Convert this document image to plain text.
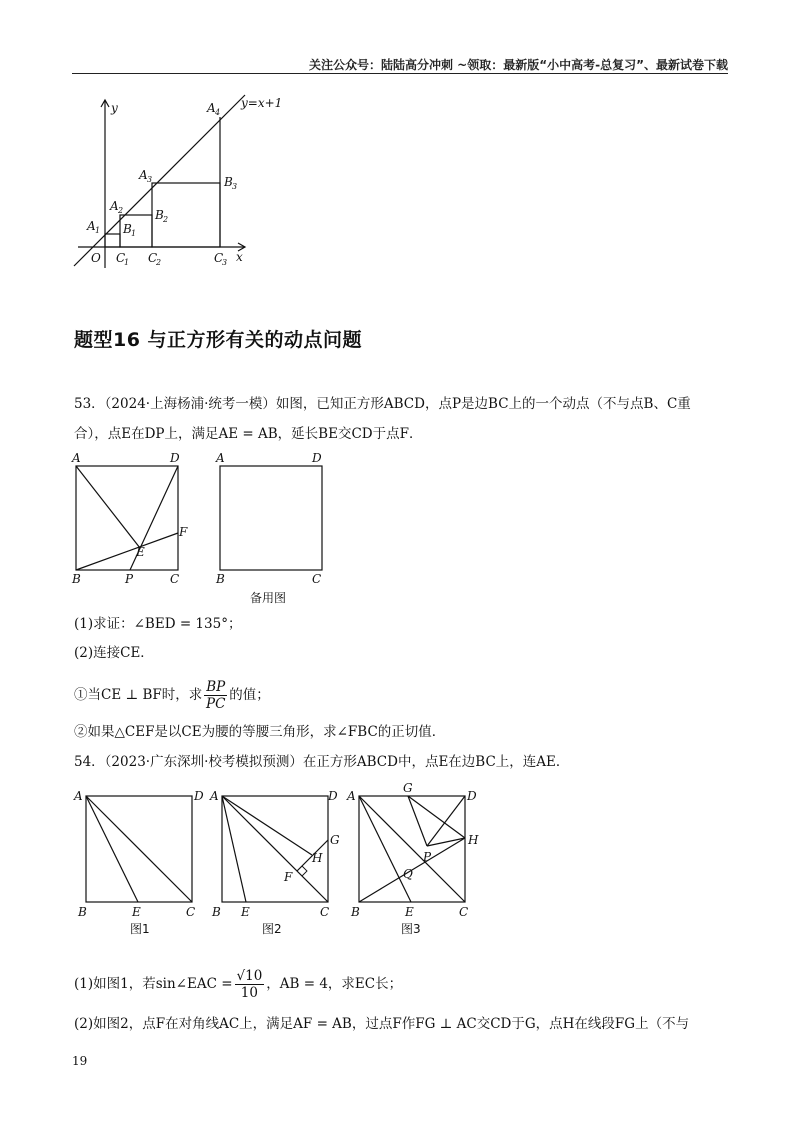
关注公众号：陆陆高分冲刺 ~领取：最新版“小中高考-总复习”、最新试卷下载
y
x
O
y=x+1
A 1
A 2
A 3
A 4
B 1
B 2
B 3
C
1 C
2	C
3
题型16 与正方形有关的动点问题
53．（2024·上海杨浦·统考一模）如图，已知正方形ABCD，点P是边BC上的一个动点（不与点B、C重
合），点E在DP上，满足AE = AB，延长BE交CD于点F．
A	D
B	C
P
E
F
A	D
B	C
备用图
(1)求证：∠BED = 135°；
(2)连接CE．
①当CE ⊥ BF时，求 $\frac{BP}{PC}$ 的值；
②如果△CEF是以CE为腰的等腰三角形，求∠FBC的正切值．
54．（2023·广东深圳·校考模拟预测）在正方形ABCD中，点E在边BC上，连AE．
A	D
B	E	C
图1
A	D
B E	C
F
G
H
图2
A
G
D
H
P
Q
B	E	C
图3
(1)如图1，若sin∠EAC = $\frac{√10}{10}$ ，AB = 4，求EC长；
(2)如图2，点F在对角线AC上，满足AF = AB，过点F作FG ⊥ AC交CD于G，点H在线段FG上（不与
19
